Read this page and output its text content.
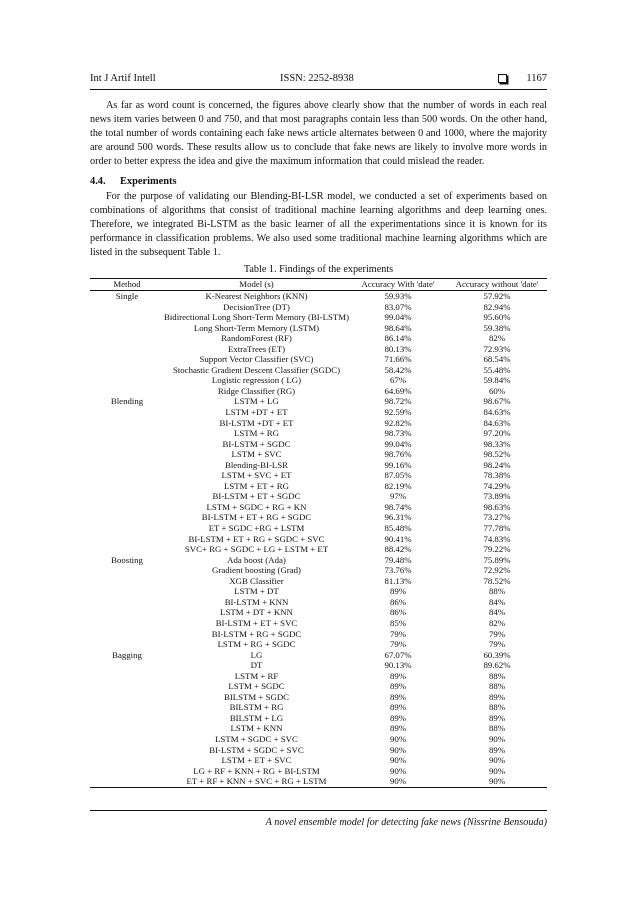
Int J Artif Intell	ISSN: 2252-8938	1167

As far as word count is concerned, the figures above clearly show that the number of words in each real news item varies between 0 and 750, and that most paragraphs contain less than 500 words. On the other hand, the total number of words containing each fake news article alternates between 0 and 1000, where the majority are around 500 words. These results allow us to conclude that fake news are likely to involve more words in order to better express the idea and give the maximum information that could mislead the reader.

4.4. Experiments

For the purpose of validating our Blending-BI-LSR model, we conducted a set of experiments based on combinations of algorithms that consist of traditional machine learning algorithms and deep learning ones. Therefore, we integrated Bi-LSTM as the basic learner of all the experimentations since it is known for its performance in classification problems. We also used some traditional machine learning algorithms which are listed in the subsequent Table 1.

Table 1. Findings of the experiments
Method	Model (s)	Accuracy With 'date'	Accuracy without 'date'
Single	K-Nearest Neighbors (KNN)	59.93%	57.92%
	DecisionTree (DT)	83.07%	82.94%
	Bidirectional Long Short-Term Memory (BI-LSTM)	99.04%	95.60%
	Long Short-Term Memory (LSTM)	98.64%	59.38%
	RandomForest (RF)	86.14%	82%
	ExtraTrees (ET)	80.13%	72.93%
	Support Vector Classifier (SVC)	71.66%	68.54%
	Stochastic Gradient Descent Classifier (SGDC)	58.42%	55.48%
	Logistic regression ( LG)	67%	59.84%
	Ridge Classifier (RG)	64.69%	60%
Blending	LSTM + LG	98.72%	98.67%
	LSTM +DT + ET	92.59%	84.63%
	BI-LSTM +DT + ET	92.82%	84.63%
	LSTM + RG	98.73%	97.20%
	BI-LSTM + SGDC	99.04%	98.33%
	LSTM + SVC	98.76%	98.52%
	Blending-BI-LSR	99.16%	98.24%
	LSTM + SVC + ET	87.05%	78.38%
	LSTM + ET + RG	82.19%	74.29%
	BI-LSTM + ET + SGDC	97%	73.89%
	LSTM + SGDC + RG + KN	98.74%	98.63%
	BI-LSTM + ET + RG + SGDC	96.31%	73.27%
	ET + SGDC +RG + LSTM	85.48%	77.78%
	BI-LSTM + ET + RG + SGDC + SVC	90.41%	74.83%
	SVC+ RG + SGDC + LG + LSTM + ET	88.42%	79.22%
Boosting	Ada boost (Ada)	79.48%	75.89%
	Gradient boosting (Grad)	73.76%	72.92%
	XGB Classifier	81.13%	78.52%
	LSTM + DT	89%	88%
	BI-LSTM + KNN	86%	84%
	LSTM + DT + KNN	86%	84%
	BI-LSTM + ET + SVC	85%	82%
	BI-LSTM + RG + SGDC	79%	79%
	LSTM + RG + SGDC	79%	79%
Bagging	LG	67.07%	60.39%
	DT	90.13%	89.62%
	LSTM + RF	89%	88%
	LSTM + SGDC	89%	88%
	BILSTM + SGDC	89%	89%
	BILSTM + RG	89%	88%
	BILSTM + LG	89%	89%
	LSTM + KNN	89%	88%
	LSTM + SGDC + SVC	90%	90%
	BI-LSTM + SGDC + SVC	90%	89%
	LSTM + ET + SVC	90%	90%
	LG + RF + KNN + RG + BI-LSTM	90%	90%
	ET + RF + KNN + SVC + RG + LSTM	90%	90%
A novel ensemble model for detecting fake news (Nissrine Bensouda)
